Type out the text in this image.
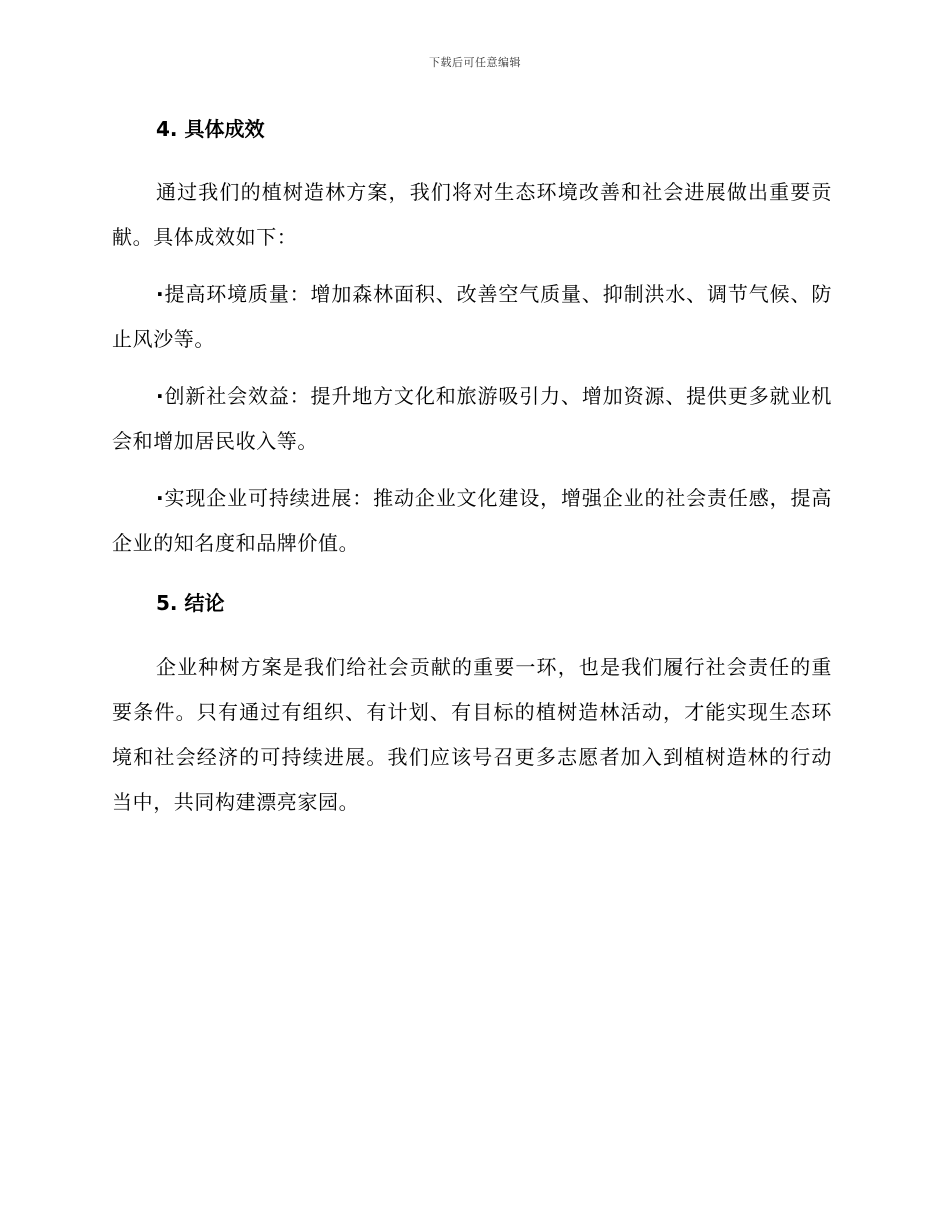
下载后可任意编辑
4. 具体成效

通过我们的植树造林方案，我们将对生态环境改善和社会进展做出重要贡献。具体成效如下：

·提高环境质量：增加森林面积、改善空气质量、抑制洪水、调节气候、防止风沙等。

·创新社会效益：提升地方文化和旅游吸引力、增加资源、提供更多就业机会和增加居民收入等。

·实现企业可持续进展：推动企业文化建设，增强企业的社会责任感，提高企业的知名度和品牌价值。

5. 结论

企业种树方案是我们给社会贡献的重要一环，也是我们履行社会责任的重要条件。只有通过有组织、有计划、有目标的植树造林活动，才能实现生态环境和社会经济的可持续进展。我们应该号召更多志愿者加入到植树造林的行动当中，共同构建漂亮家园。
